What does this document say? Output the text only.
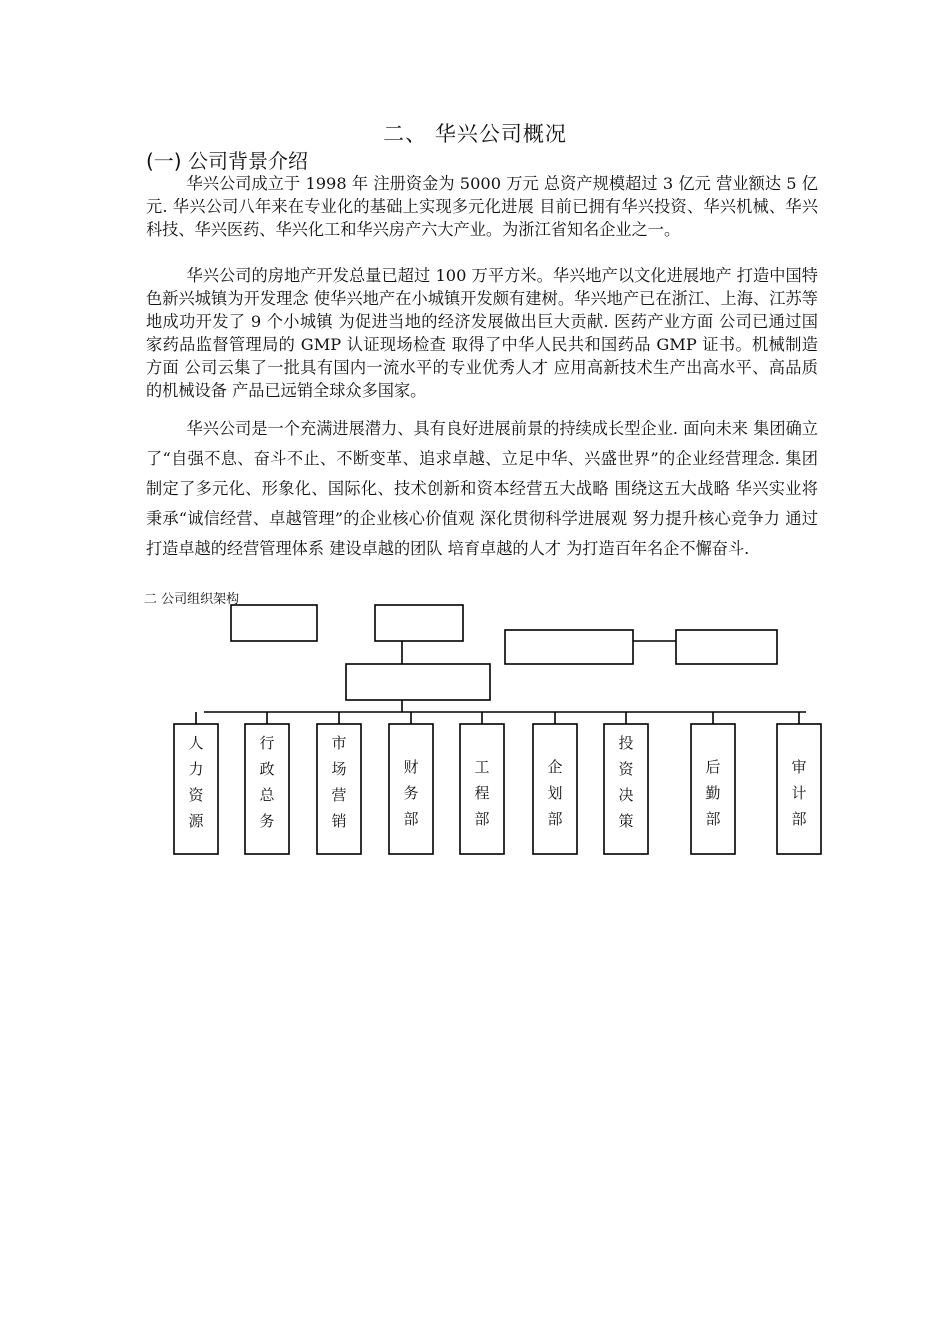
二、 华兴公司概况
(一) 公司背景介绍

华兴公司成立于 1998 年 注册资金为 5000 万元 总资产规模超过 3 亿元 营业额达 5 亿元. 华兴公司八年来在专业化的基础上实现多元化进展 目前已拥有华兴投资、华兴机械、华兴科技、华兴医药、华兴化工和华兴房产六大产业。为浙江省知名企业之一。

华兴公司的房地产开发总量已超过 100 万平方米。华兴地产以文化进展地产 打造中国特色新兴城镇为开发理念 使华兴地产在小城镇开发颇有建树。华兴地产已在浙江、上海、江苏等地成功开发了 9 个小城镇 为促进当地的经济发展做出巨大贡献. 医药产业方面 公司已通过国家药品监督管理局的 GMP 认证现场检查 取得了中华人民共和国药品 GMP 证书。机械制造方面 公司云集了一批具有国内一流水平的专业优秀人才 应用高新技术生产出高水平、高品质的机械设备 产品已远销全球众多国家。

华兴公司是一个充满进展潜力、具有良好进展前景的持续成长型企业. 面向未来 集团确立了“自强不息、奋斗不止、不断变革、追求卓越、立足中华、兴盛世界”的企业经营理念. 集团制定了多元化、形象化、国际化、技术创新和资本经营五大战略 围绕这五大战略 华兴实业将秉承“诚信经营、卓越管理”的企业核心价值观 深化贯彻科学进展观 努力提升核心竞争力 通过打造卓越的经营管理体系 建设卓越的团队 培育卓越的人才 为打造百年名企不懈奋斗.

二 公司组织架构
人
力
资
源
行
政
总
务
市
场
营
销
财
务
部
工
程
部
企
划
部
投
资
决
策
后
勤
部
审
计
部
